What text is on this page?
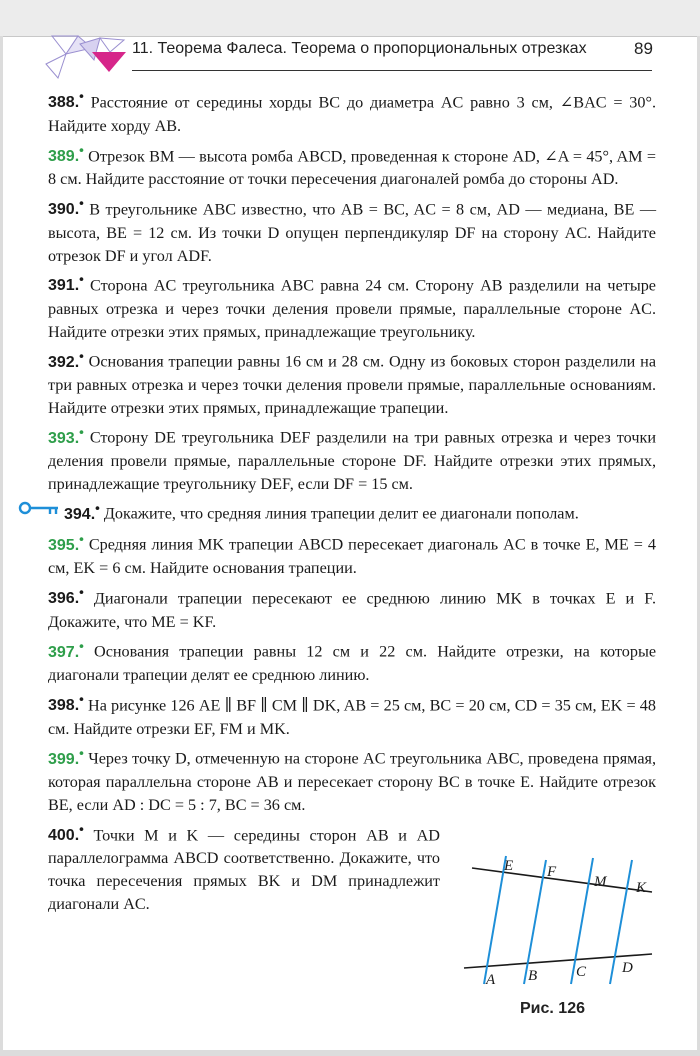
11. Теорема Фалеса. Теорема о пропорциональных отрезках	89

388.• Расстояние от середины хорды BC до диаметра AC равно 3 см, ∠BAC = 30°. Найдите хорду AB.

389.• Отрезок BM — высота ромба ABCD, проведенная к стороне AD, ∠A = 45°, AM = 8 см. Найдите расстояние от точки пересечения диагоналей ромба до стороны AD.

390.• В треугольнике ABC известно, что AB = BC, AC = 8 см, AD — медиана, BE — высота, BE = 12 см. Из точки D опущен перпендикуляр DF на сторону AC. Найдите отрезок DF и угол ADF.

391.• Сторона AC треугольника ABC равна 24 см. Сторону AB разделили на четыре равных отрезка и через точки деления провели прямые, параллельные стороне AC. Найдите отрезки этих прямых, принадлежащие треугольнику.

392.• Основания трапеции равны 16 см и 28 см. Одну из боковых сторон разделили на три равных отрезка и через точки деления провели прямые, параллельные основаниям. Найдите отрезки этих прямых, принадлежащие трапеции.

393.• Сторону DE треугольника DEF разделили на три равных отрезка и через точки деления провели прямые, параллельные стороне DF. Найдите отрезки этих прямых, принадлежащие треугольнику DEF, если DF = 15 см.

394.• Докажите, что средняя линия трапеции делит ее диагонали пополам.

395.• Средняя линия MK трапеции ABCD пересекает диагональ AC в точке E, ME = 4 см, EK = 6 см. Найдите основания трапеции.

396.• Диагонали трапеции пересекают ее среднюю линию MK в точках E и F. Докажите, что ME = KF.

397.• Основания трапеции равны 12 см и 22 см. Найдите отрезки, на которые диагонали трапеции делят ее среднюю линию.

398.• На рисунке 126 AE ∥ BF ∥ CM ∥ DK, AB = 25 см, BC = 20 см, CD = 35 см, EK = 48 см. Найдите отрезки EF, FM и MK.

399.• Через точку D, отмеченную на стороне AC треугольника ABC, проведена прямая, которая параллельна стороне AB и пересекает сторону BC в точке E. Найдите отрезок BE, если AD : DC = 5 : 7, BC = 36 см.

400.• Точки M и K — середины сторон AB и AD параллелограмма ABCD соответственно. Докажите, что точка пересечения прямых BK и DM принадлежит диагонали AC.

E F
M K
A B	C D
Рис. 126
